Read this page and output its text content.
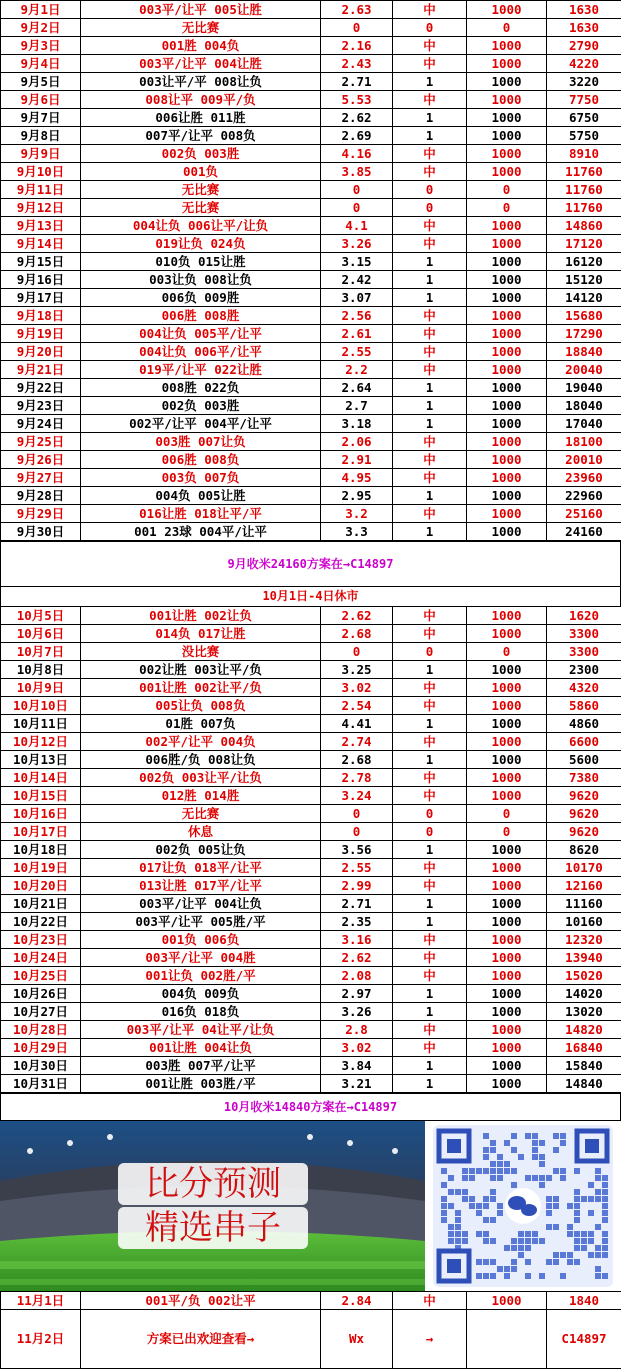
9月1日	003平/让平 005让胜	2.63	中	1000	1630
9月2日	无比赛	0	0	0	1630
9月3日	001胜 004负	2.16	中	1000	2790
9月4日	003平/让平 004让胜	2.43	中	1000	4220
9月5日	003让平/平 008让负	2.71	1	1000	3220
9月6日	008让平 009平/负	5.53	中	1000	7750
9月7日	006让胜 011胜	2.62	1	1000	6750
9月8日	007平/让平 008负	2.69	1	1000	5750
9月9日	002负 003胜	4.16	中	1000	8910
9月10日	001负	3.85	中	1000	11760
9月11日	无比赛	0	0	0	11760
9月12日	无比赛	0	0	0	11760
9月13日	004让负 006让平/让负	4.1	中	1000	14860
9月14日	019让负 024负	3.26	中	1000	17120
9月15日	010负 015让胜	3.15	1	1000	16120
9月16日	003让负 008让负	2.42	1	1000	15120
9月17日	006负 009胜	3.07	1	1000	14120
9月18日	006胜 008胜	2.56	中	1000	15680
9月19日	004让负 005平/让平	2.61	中	1000	17290
9月20日	004让负 006平/让平	2.55	中	1000	18840
9月21日	019平/让平 022让胜	2.2	中	1000	20040
9月22日	008胜 022负	2.64	1	1000	19040
9月23日	002负 003胜	2.7	1	1000	18040
9月24日	002平/让平 004平/让平	3.18	1	1000	17040
9月25日	003胜 007让负	2.06	中	1000	18100
9月26日	006胜 008负	2.91	中	1000	20010
9月27日	003负 007负	4.95	中	1000	23960
9月28日	004负 005让胜	2.95	1	1000	22960
9月29日	016让胜 018让平/平	3.2	中	1000	25160
9月30日	001 23球 004平/让平	3.3	1	1000	24160
9月收米24160方案在→C14897
10月1日-4日休市
10月5日	001让胜 002让负	2.62	中	1000	1620
10月6日	014负 017让胜	2.68	中	1000	3300
10月7日	没比赛	0	0	0	3300
10月8日	002让胜 003让平/负	3.25	1	1000	2300
10月9日	001让胜 002让平/负	3.02	中	1000	4320
10月10日	005让负 008负	2.54	中	1000	5860
10月11日	01胜 007负	4.41	1	1000	4860
10月12日	002平/让平 004负	2.74	中	1000	6600
10月13日	006胜/负 008让负	2.68	1	1000	5600
10月14日	002负 003让平/让负	2.78	中	1000	7380
10月15日	012胜 014胜	3.24	中	1000	9620
10月16日	无比赛	0	0	0	9620
10月17日	休息	0	0	0	9620
10月18日	002负 005让负	3.56	1	1000	8620
10月19日	017让负 018平/让平	2.55	中	1000	10170
10月20日	013让胜 017平/让平	2.99	中	1000	12160
10月21日	003平/让平 004让负	2.71	1	1000	11160
10月22日	003平/让平 005胜/平	2.35	1	1000	10160
10月23日	001负 006负	3.16	中	1000	12320
10月24日	003平/让平 004胜	2.62	中	1000	13940
10月25日	001让负 002胜/平	2.08	中	1000	15020
10月26日	004负 009负	2.97	1	1000	14020
10月27日	016负 018负	3.26	1	1000	13020
10月28日	003平/让平 04让平/让负	2.8	中	1000	14820
10月29日	001让胜 004让负	3.02	中	1000	16840
10月30日	003胜 007平/让平	3.84	1	1000	15840
10月31日	001让胜 003胜/平	3.21	1	1000	14840
10月收米14840方案在→C14897
比分预测
精选串子
11月1日	001平/负 002让平	2.84	中	1000	1840
11月2日	方案已出欢迎查看→	Wx	→		C14897
